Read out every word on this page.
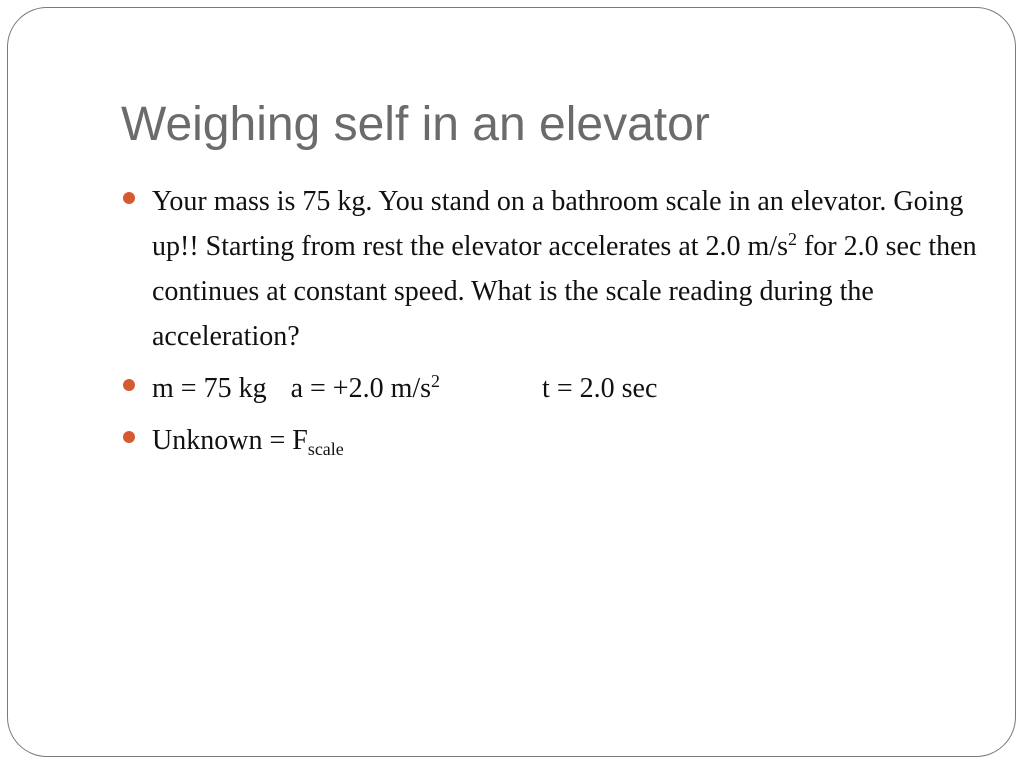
Weighing self in an elevator
Your mass is 75 kg. You stand on a bathroom scale in an elevator. Going up!! Starting from rest the elevator accelerates at 2.0 $m/s^2$ for 2.0 sec then continues at constant speed. What is the scale reading during the acceleration?
m = 75 kg a = +2.0 $m/s^2$	t = 2.0 sec
Unknown = $F_{scale}$
